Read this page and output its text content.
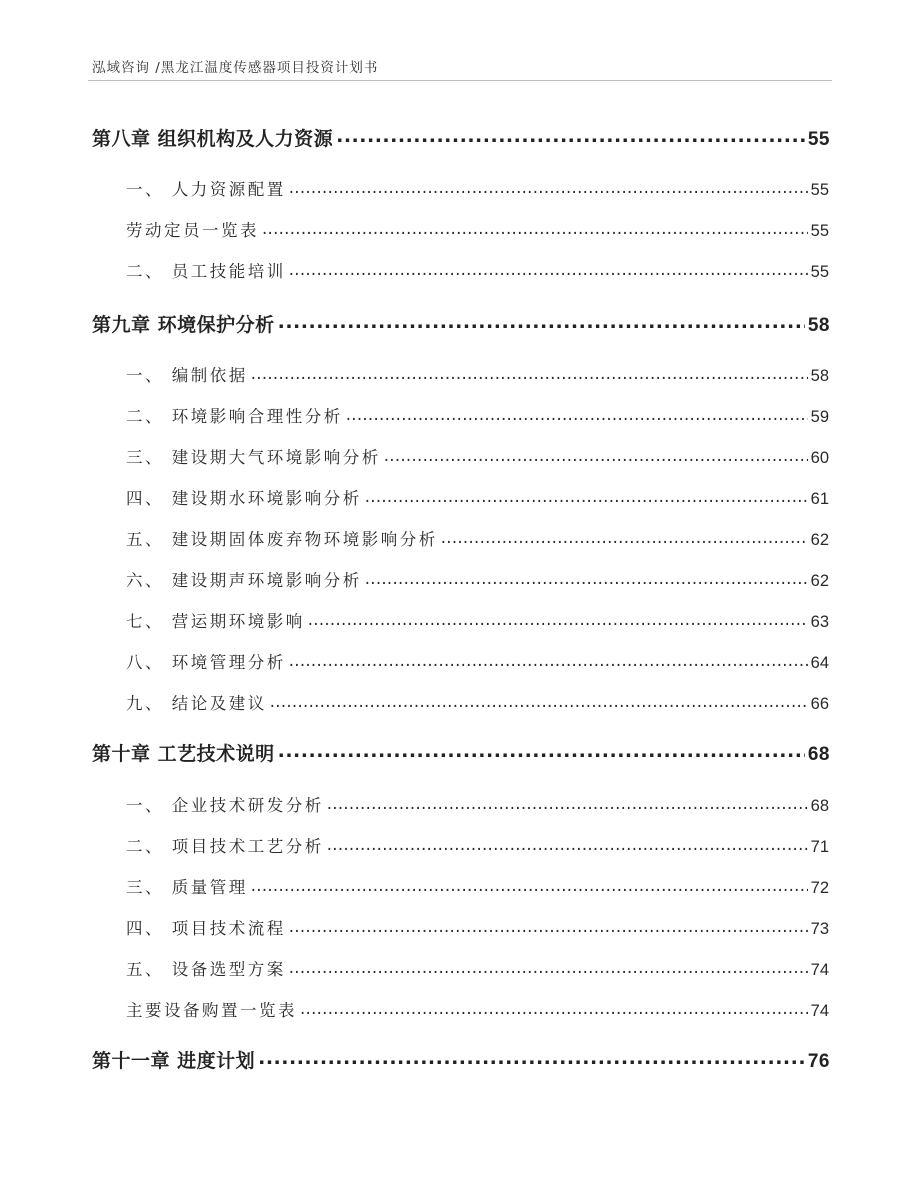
泓域咨询 /黑龙江温度传感器项目投资计划书
第八章 组织机构及人力资源 .....	55
一、 人力资源配置 .....	55
劳动定员一览表 .....	55
二、 员工技能培训 .....	55
第九章 环境保护分析 .....	58
一、 编制依据 .....	58
二、 环境影响合理性分析 .....	59
三、 建设期大气环境影响分析 .....	60
四、 建设期水环境影响分析 .....	61
五、 建设期固体废弃物环境影响分析 .....	62
六、 建设期声环境影响分析 .....	62
七、 营运期环境影响 .....	63
八、 环境管理分析 .....	64
九、 结论及建议 .....	66
第十章 工艺技术说明 .....	68
一、 企业技术研发分析 .....	68
二、 项目技术工艺分析 .....	71
三、 质量管理 .....	72
四、 项目技术流程 .....	73
五、 设备选型方案 .....	74
主要设备购置一览表 .....	74
第十一章 进度计划 .....	76
